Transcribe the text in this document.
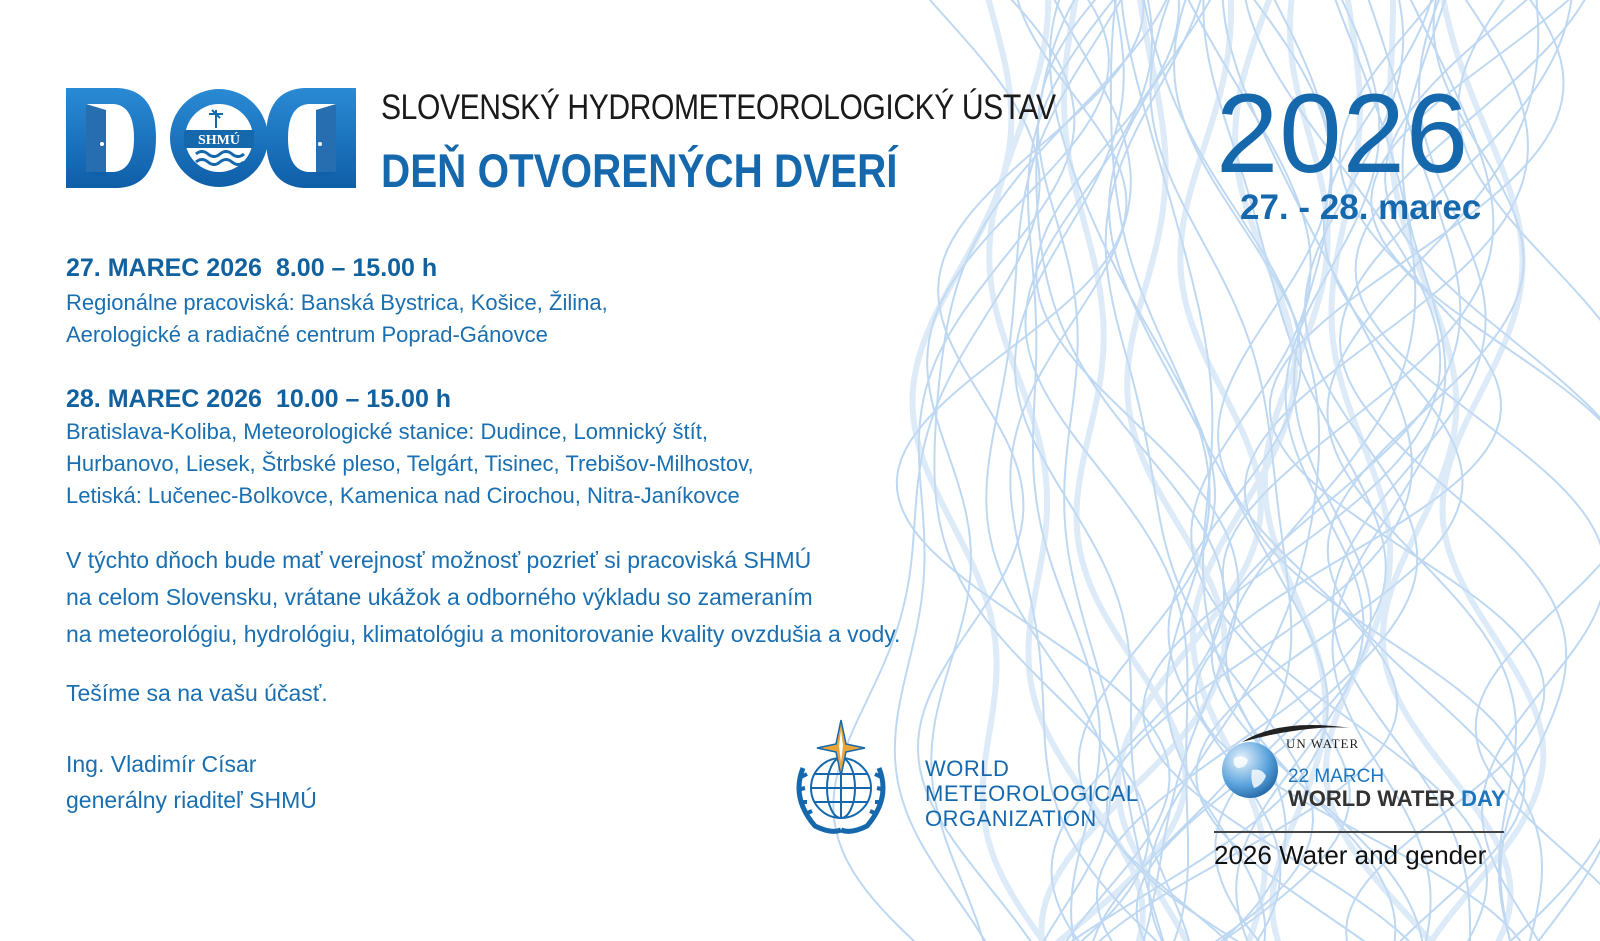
SHMÚ
SLOVENSKÝ HYDROMETEOROLOGICKÝ ÚSTAV
DEŇ OTVORENÝCH DVERÍ	2026
27. - 28. marec
27. MAREC 2026 8.00 – 15.00 h
Regionálne pracoviská: Banská Bystrica, Košice, Žilina,
Aerologické a radiačné centrum Poprad-Gánovce
28. MAREC 2026 10.00 – 15.00 h
Bratislava-Koliba, Meteorologické stanice: Dudince, Lomnický štít,
Hurbanovo, Liesek, Štrbské pleso, Telgárt, Tisinec, Trebišov-Milhostov,
Letiská: Lučenec-Bolkovce, Kamenica nad Cirochou, Nitra-Janíkovce
V týchto dňoch bude mať verejnosť možnosť pozrieť si pracoviská SHMÚ
na celom Slovensku, vrátane ukážok a odborného výkladu so zameraním
na meteorológiu, hydrológiu, klimatológiu a monitorovanie kvality ovzdušia a vody.
Tešíme sa na vašu účasť.
Ing. Vladimír Císar
generálny riaditeľ SHMÚ
WORLD
METEOROLOGICAL
ORGANIZATION
UN WATER
22 MARCH
WORLD WATER DAY
2026 Water and gender
